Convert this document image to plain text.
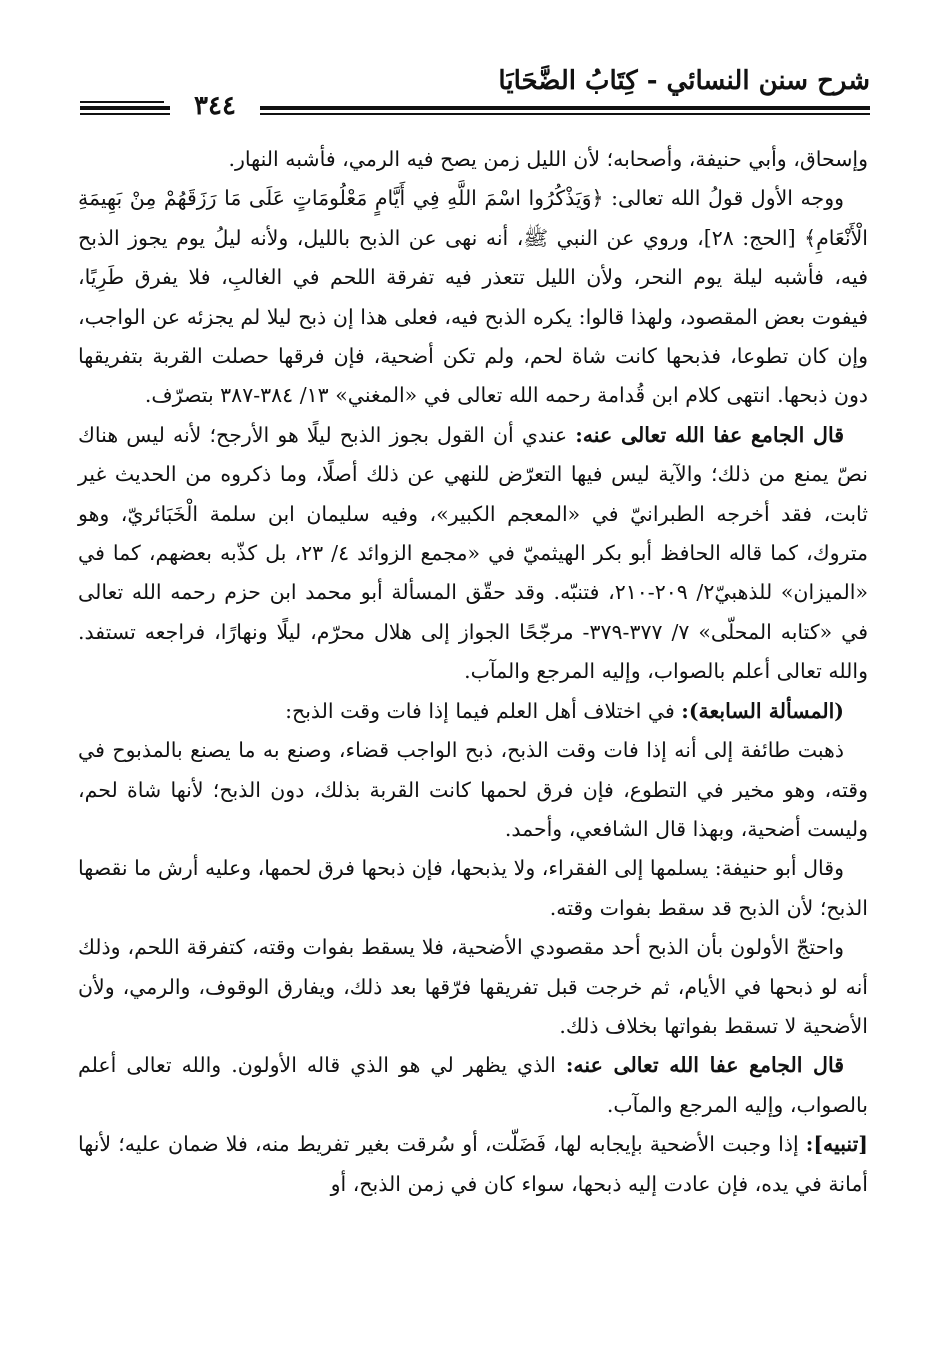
شرح سنن النسائي - كِتَابُ الضَّحَايَا
٣٤٤

وإسحاق، وأبي حنيفة، وأصحابه؛ لأن الليل زمن يصح فيه الرمي، فأشبه النهار.

ووجه الأول قولُ الله تعالى: ﴿وَيَذْكُرُوا اسْمَ اللَّهِ فِي أَيَّامٍ مَعْلُومَاتٍ عَلَى مَا رَزَقَهُمْ مِنْ بَهِيمَةِ الْأَنْعَامِ﴾ [الحج: ٢٨]، وروي عن النبي ﷺ، أنه نهى عن الذبح بالليل، ولأنه ليلُ يوم يجوز الذبح فيه، فأشبه ليلة يوم النحر، ولأن الليل تتعذر فيه تفرقة اللحم في الغالبِ، فلا يفرق طَرِيًا، فيفوت بعض المقصود، ولهذا قالوا: يكره الذبح فيه، فعلى هذا إن ذبح ليلا لم يجزئه عن الواجب، وإن كان تطوعا، فذبحها كانت شاة لحم، ولم تكن أضحية، فإن فرقها حصلت القربة بتفريقها دون ذبحها. انتهى كلام ابن قُدامة رحمه الله تعالى في «المغني» ١٣/ ٣٨٤-٣٨٧ بتصرّف.

قال الجامع عفا الله تعالى عنه: عندي أن القول بجوز الذبح ليلًا هو الأرجح؛ لأنه ليس هناك نصّ يمنع من ذلك؛ والآية ليس فيها التعرّض للنهي عن ذلك أصلًا، وما ذكروه من الحديث غير ثابت، فقد أخرجه الطبرانيّ في «المعجم الكبير»، وفيه سليمان ابن سلمة الْخَبَائريّ، وهو متروك، كما قاله الحافظ أبو بكر الهيثميّ في «مجمع الزوائد ٤/ ٢٣، بل كذّبه بعضهم، كما في «الميزان» للذهبيّ٢/ ٢٠٩-٢١٠، فتنبّه. وقد حقّق المسألة أبو محمد ابن حزم رحمه الله تعالى في «كتابه المحلّى» ٧/ ٣٧٧-٣٧٩- مرجّحًا الجواز إلى هلال محرّم، ليلًا ونهارًا، فراجعه تستفد. والله تعالى أعلم بالصواب، وإليه المرجع والمآب.

(المسألة السابعة): في اختلاف أهل العلم فيما إذا فات وقت الذبح:

ذهبت طائفة إلى أنه إذا فات وقت الذبح، ذبح الواجب قضاء، وصنع به ما يصنع بالمذبوح في وقته، وهو مخير في التطوع، فإن فرق لحمها كانت القربة بذلك، دون الذبح؛ لأنها شاة لحم، وليست أضحية، وبهذا قال الشافعي، وأحمد.

وقال أبو حنيفة: يسلمها إلى الفقراء، ولا يذبحها، فإن ذبحها فرق لحمها، وعليه أرش ما نقصها الذبح؛ لأن الذبح قد سقط بفوات وقته.

واحتجّ الأولون بأن الذبح أحد مقصودي الأضحية، فلا يسقط بفوات وقته، كتفرقة اللحم، وذلك أنه لو ذبحها في الأيام، ثم خرجت قبل تفريقها فرّقها بعد ذلك، ويفارق الوقوف، والرمي، ولأن الأضحية لا تسقط بفواتها بخلاف ذلك.

قال الجامع عفا الله تعالى عنه: الذي يظهر لي هو الذي قاله الأولون. والله تعالى أعلم بالصواب، وإليه المرجع والمآب.

[تنبيه]: إذا وجبت الأضحية بإيجابه لها، فَضَلّت، أو سُرقت بغير تفريط منه، فلا ضمان عليه؛ لأنها أمانة في يده، فإن عادت إليه ذبحها، سواء كان في زمن الذبح، أو
